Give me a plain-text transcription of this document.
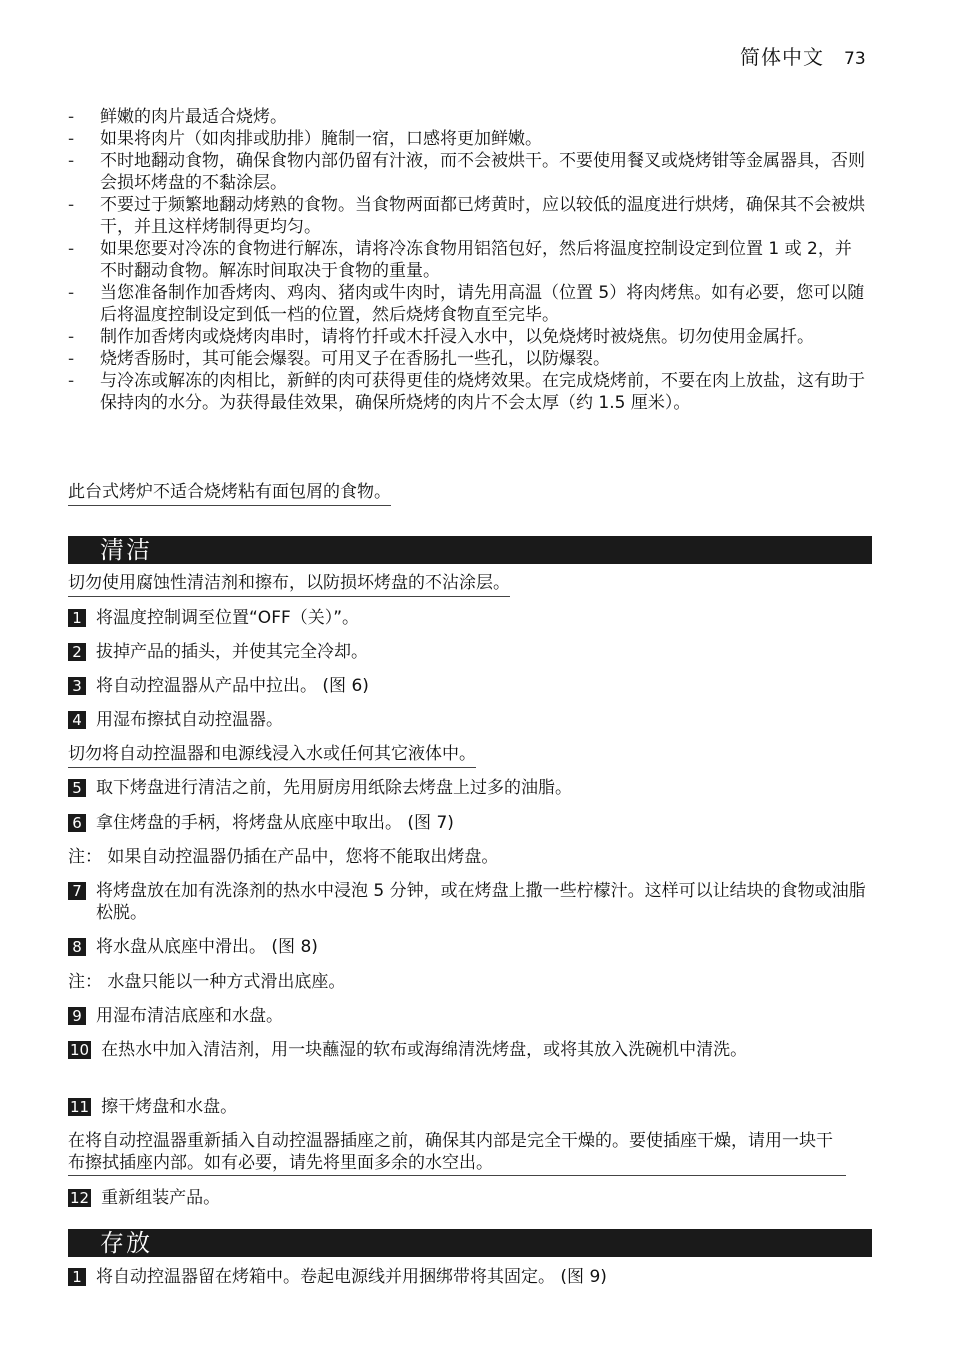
简体中文 73
- 鲜嫩的肉片最适合烧烤。
- 如果将肉片（如肉排或肋排）腌制一宿，口感将更加鲜嫩。
- 不时地翻动食物，确保食物内部仍留有汁液，而不会被烘干。不要使用餐叉或烧烤钳等金属器具，否则会损坏烤盘的不黏涂层。
- 不要过于频繁地翻动烤熟的食物。当食物两面都已烤黄时，应以较低的温度进行烘烤，确保其不会被烘干，并且这样烤制得更均匀。
- 如果您要对冷冻的食物进行解冻，请将冷冻食物用铝箔包好，然后将温度控制设定到位置 1 或 2，并不时翻动食物。解冻时间取决于食物的重量。
- 当您准备制作加香烤肉、鸡肉、猪肉或牛肉时，请先用高温（位置 5）将肉烤焦。如有必要，您可以随后将温度控制设定到低一档的位置，然后烧烤食物直至完毕。
- 制作加香烤肉或烧烤肉串时，请将竹扦或木扦浸入水中，以免烧烤时被烧焦。切勿使用金属扦。
- 烧烤香肠时，其可能会爆裂。可用叉子在香肠扎一些孔，以防爆裂。
- 与冷冻或解冻的肉相比，新鲜的肉可获得更佳的烧烤效果。在完成烧烤前，不要在肉上放盐，这有助于保持肉的水分。为获得最佳效果，确保所烧烤的肉片不会太厚（约 1.5 厘米）。
此台式烤炉不适合烧烤粘有面包屑的食物。
清洁
切勿使用腐蚀性清洁剂和擦布，以防损坏烤盘的不沾涂层。
1 将温度控制调至位置“OFF（关）”。
2 拔掉产品的插头，并使其完全冷却。
3 将自动控温器从产品中拉出。 (图 6)
4 用湿布擦拭自动控温器。
切勿将自动控温器和电源线浸入水或任何其它液体中。
5 取下烤盘进行清洁之前，先用厨房用纸除去烤盘上过多的油脂。
6 拿住烤盘的手柄，将烤盘从底座中取出。 (图 7)
注： 如果自动控温器仍插在产品中，您将不能取出烤盘。
7 将烤盘放在加有洗涤剂的热水中浸泡 5 分钟，或在烤盘上撒一些柠檬汁。这样可以让结块的食物或油脂松脱。
8 将水盘从底座中滑出。 (图 8)
注： 水盘只能以一种方式滑出底座。
9 用湿布清洁底座和水盘。
10 在热水中加入清洁剂，用一块蘸湿的软布或海绵清洗烤盘，或将其放入洗碗机中清洗。
11 擦干烤盘和水盘。
在将自动控温器重新插入自动控温器插座之前，确保其内部是完全干燥的。要使插座干燥，请用一块干布擦拭插座内部。如有必要，请先将里面多余的水空出。
12 重新组装产品。
存放
1 将自动控温器留在烤箱中。卷起电源线并用捆绑带将其固定。 (图 9)
